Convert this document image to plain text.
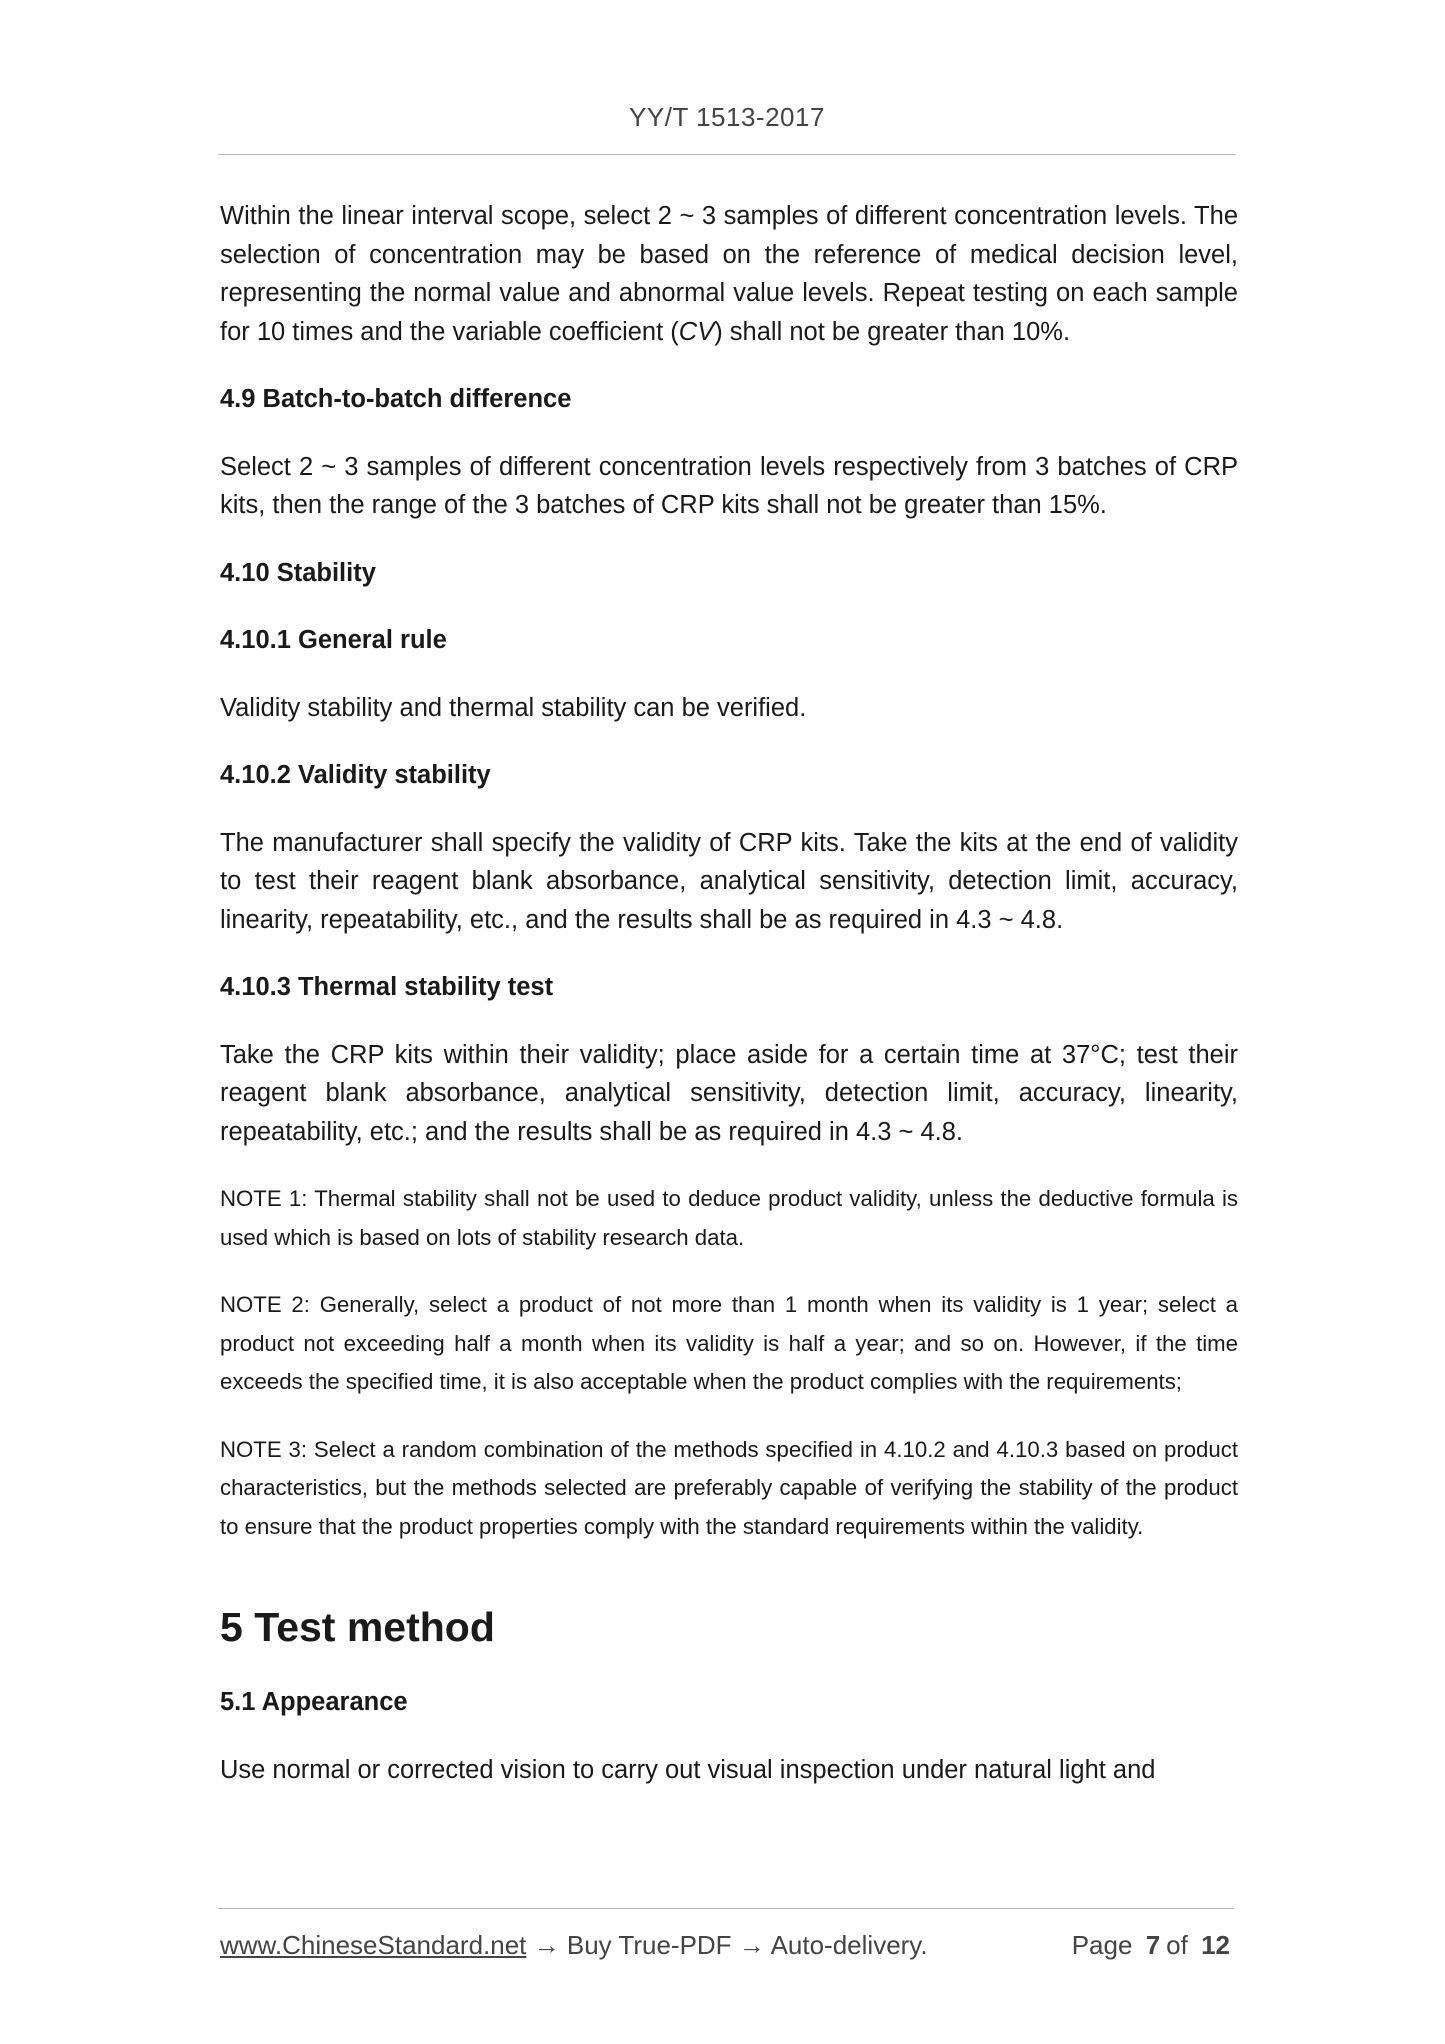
YY/T 1513-2017

Within the linear interval scope, select 2 ~ 3 samples of different concentration levels. The selection of concentration may be based on the reference of medical decision level, representing the normal value and abnormal value levels. Repeat testing on each sample for 10 times and the variable coefficient (CV) shall not be greater than 10%.

4.9 Batch-to-batch difference

Select 2 ~ 3 samples of different concentration levels respectively from 3 batches of CRP kits, then the range of the 3 batches of CRP kits shall not be greater than 15%.

4.10 Stability
4.10.1 General rule

Validity stability and thermal stability can be verified.

4.10.2 Validity stability

The manufacturer shall specify the validity of CRP kits. Take the kits at the end of validity to test their reagent blank absorbance, analytical sensitivity, detection limit, accuracy, linearity, repeatability, etc., and the results shall be as required in 4.3 ~ 4.8.

4.10.3 Thermal stability test

Take the CRP kits within their validity; place aside for a certain time at 37°C; test their reagent blank absorbance, analytical sensitivity, detection limit, accuracy, linearity, repeatability, etc.; and the results shall be as required in 4.3 ~ 4.8.

NOTE 1: Thermal stability shall not be used to deduce product validity, unless the deductive formula is used which is based on lots of stability research data.

NOTE 2: Generally, select a product of not more than 1 month when its validity is 1 year; select a product not exceeding half a month when its validity is half a year; and so on. However, if the time exceeds the specified time, it is also acceptable when the product complies with the requirements;

NOTE 3: Select a random combination of the methods specified in 4.10.2 and 4.10.3 based on product characteristics, but the methods selected are preferably capable of verifying the stability of the product to ensure that the product properties comply with the standard requirements within the validity.

5 Test method
5.1 Appearance

Use normal or corrected vision to carry out visual inspection under natural light and

www.ChineseStandard.net → Buy True-PDF → Auto-delivery.	Page 7 of 12
